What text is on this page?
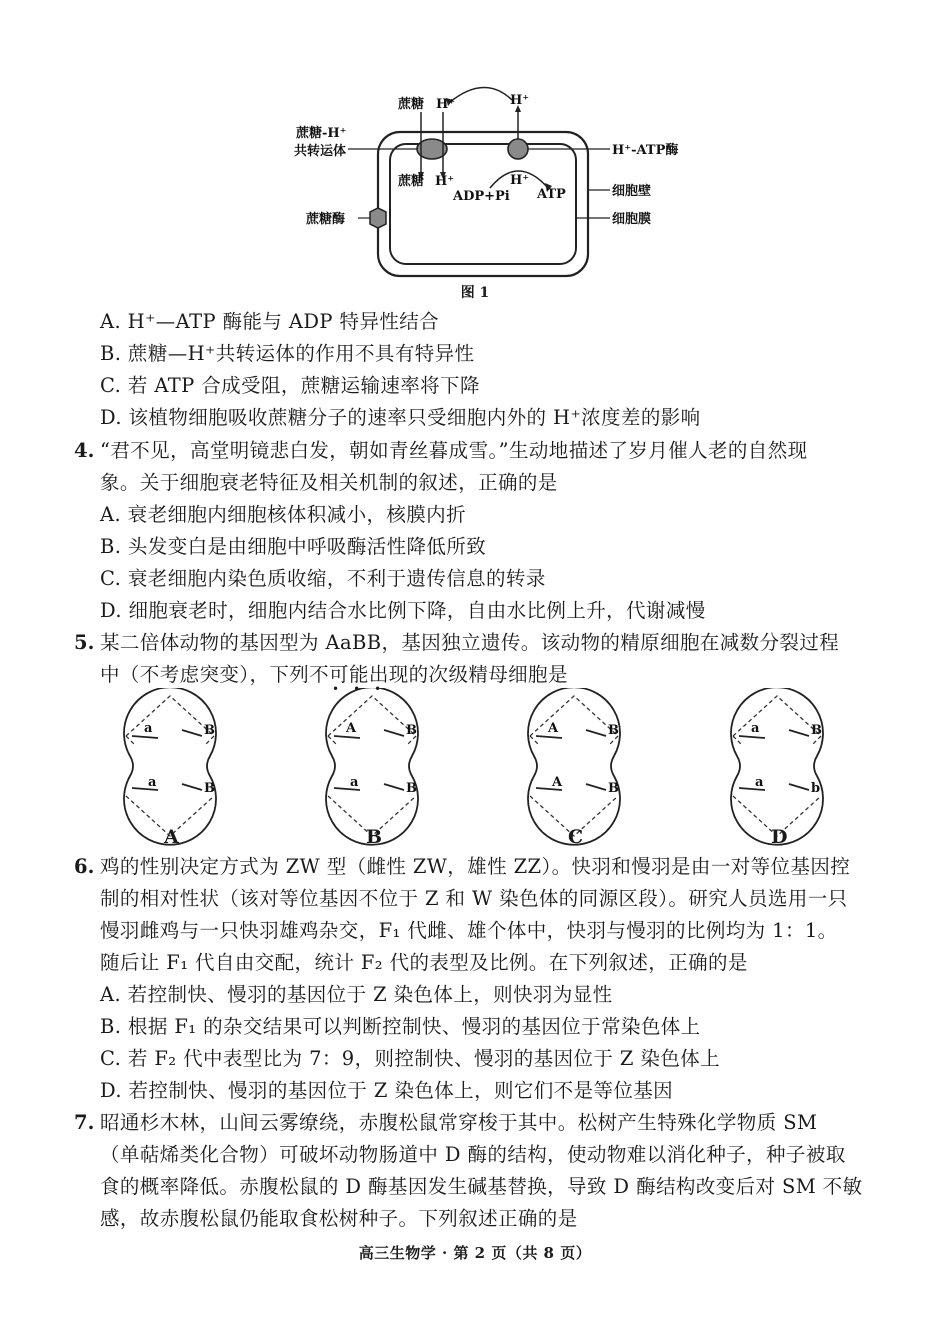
蔗糖 H⁺	H⁺
蔗糖-H⁺
共转运体	H⁺-ATP酶
蔗糖 H⁺	H⁺
ADP+Pi ATP	细胞壁
蔗糖酶	细胞膜
图 1
A. H⁺—ATP 酶能与 ADP 特异性结合
B. 蔗糖—H⁺共转运体的作用不具有特异性
C. 若 ATP 合成受阻，蔗糖运输速率将下降
D. 该植物细胞吸收蔗糖分子的速率只受细胞内外的 H⁺浓度差的影响
4. “君不见，高堂明镜悲白发，朝如青丝暮成雪。”生动地描述了岁月催人老的自然现
象。关于细胞衰老特征及相关机制的叙述，正确的是
A. 衰老细胞内细胞核体积减小，核膜内折
B. 头发变白是由细胞中呼吸酶活性降低所致
C. 衰老细胞内染色质收缩，不利于遗传信息的转录
D. 细胞衰老时，细胞内结合水比例下降，自由水比例上升，代谢减慢
5. 某二倍体动物的基因型为 AaBB，基因独立遗传。该动物的精原细胞在减数分裂过程
中（不考虑突变），下列不可能出现的次级精母细胞是
•••
a	B
a	B
A	B
a	B
A	B
A	B
a	B
a	b
A	B	C	D
6. 鸡的性别决定方式为 ZW 型（雌性 ZW，雄性 ZZ）。快羽和慢羽是由一对等位基因控
制的相对性状（该对等位基因不位于 Z 和 W 染色体的同源区段）。研究人员选用一只
慢羽雌鸡与一只快羽雄鸡杂交，F₁ 代雌、雄个体中，快羽与慢羽的比例均为 1：1。
随后让 F₁ 代自由交配，统计 F₂ 代的表型及比例。在下列叙述，正确的是
A. 若控制快、慢羽的基因位于 Z 染色体上，则快羽为显性
B. 根据 F₁ 的杂交结果可以判断控制快、慢羽的基因位于常染色体上
C. 若 F₂ 代中表型比为 7：9，则控制快、慢羽的基因位于 Z 染色体上
D. 若控制快、慢羽的基因位于 Z 染色体上，则它们不是等位基因
7. 昭通杉木林，山间云雾缭绕，赤腹松鼠常穿梭于其中。松树产生特殊化学物质 SM
（单萜烯类化合物）可破坏动物肠道中 D 酶的结构，使动物难以消化种子，种子被取
食的概率降低。赤腹松鼠的 D 酶基因发生碱基替换，导致 D 酶结构改变后对 SM 不敏
感，故赤腹松鼠仍能取食松树种子。下列叙述正确的是
高三生物学 · 第 2 页（共 8 页）
